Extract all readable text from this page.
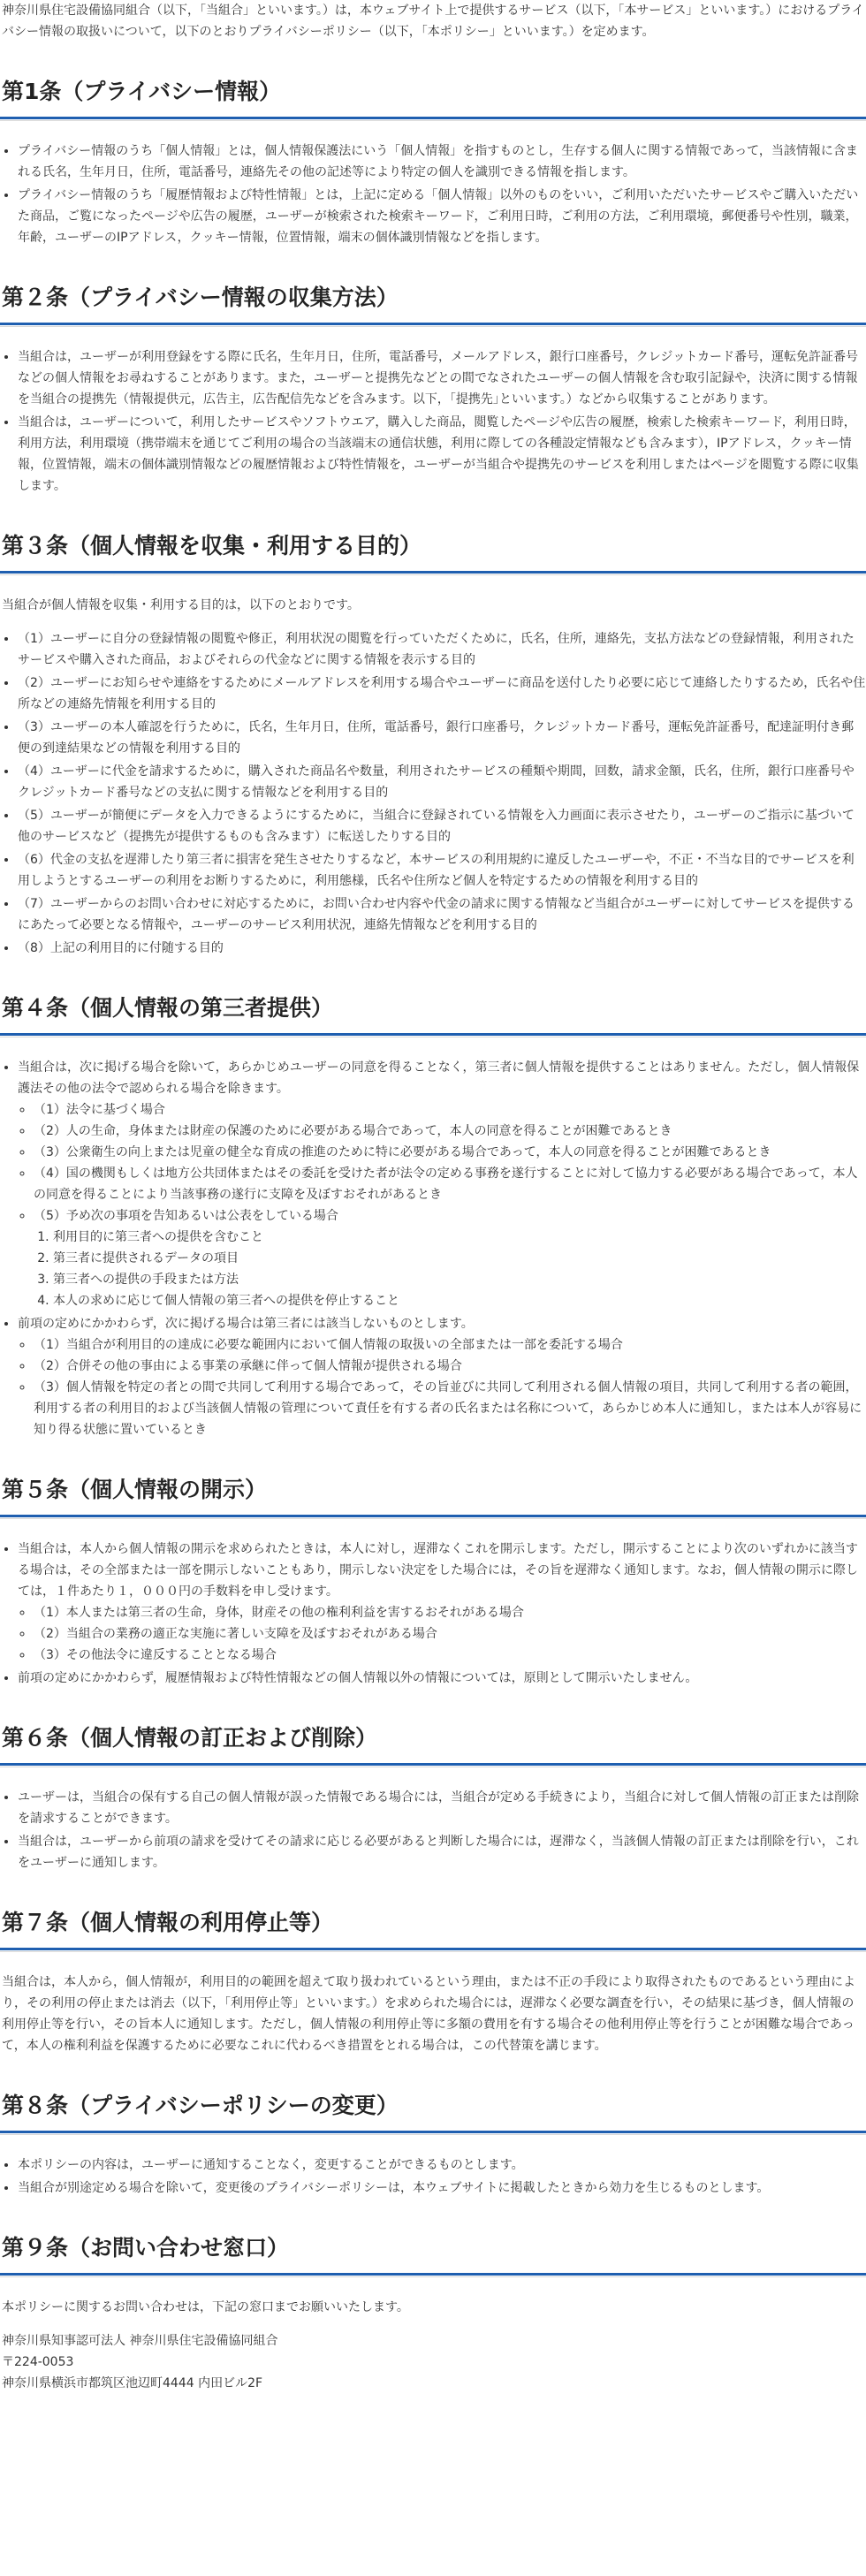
神奈川県住宅設備協同組合（以下，「当組合」といいます。）は，本ウェブサイト上で提供するサービス（以下，「本サービス」といいます。）におけるプライバシー情報の取扱いについて，以下のとおりプライバシーポリシー（以下，「本ポリシー」といいます。）を定めます。

第1条（プライバシー情報）
• プライバシー情報のうち「個人情報」とは，個人情報保護法にいう「個人情報」を指すものとし，生存する個人に関する情報であって，当該情報に含まれる氏名，生年月日，住所，電話番号，連絡先その他の記述等により特定の個人を識別できる情報を指します。
• プライバシー情報のうち「履歴情報および特性情報」とは，上記に定める「個人情報」以外のものをいい，ご利用いただいたサービスやご購入いただいた商品，ご覧になったページや広告の履歴，ユーザーが検索された検索キーワード，ご利用日時，ご利用の方法，ご利用環境，郵便番号や性別，職業，年齢，ユーザーのIPアドレス，クッキー情報，位置情報，端末の個体識別情報などを指します。
第２条（プライバシー情報の収集方法）
• 当組合は，ユーザーが利用登録をする際に氏名，生年月日，住所，電話番号，メールアドレス，銀行口座番号，クレジットカード番号，運転免許証番号などの個人情報をお尋ねすることがあります。また，ユーザーと提携先などとの間でなされたユーザーの個人情報を含む取引記録や，決済に関する情報を当組合の提携先（情報提供元，広告主，広告配信先などを含みます。以下，｢提携先｣といいます。）などから収集することがあります。
• 当組合は，ユーザーについて，利用したサービスやソフトウエア，購入した商品，閲覧したページや広告の履歴，検索した検索キーワード，利用日時，利用方法，利用環境（携帯端末を通じてご利用の場合の当該端末の通信状態，利用に際しての各種設定情報なども含みます），IPアドレス，クッキー情報，位置情報，端末の個体識別情報などの履歴情報および特性情報を，ユーザーが当組合や提携先のサービスを利用しまたはページを閲覧する際に収集します。
第３条（個人情報を収集・利用する目的）

当組合が個人情報を収集・利用する目的は，以下のとおりです。

• （1）ユーザーに自分の登録情報の閲覧や修正，利用状況の閲覧を行っていただくために，氏名，住所，連絡先，支払方法などの登録情報，利用されたサービスや購入された商品，およびそれらの代金などに関する情報を表示する目的
• （2）ユーザーにお知らせや連絡をするためにメールアドレスを利用する場合やユーザーに商品を送付したり必要に応じて連絡したりするため，氏名や住所などの連絡先情報を利用する目的
• （3）ユーザーの本人確認を行うために，氏名，生年月日，住所，電話番号，銀行口座番号，クレジットカード番号，運転免許証番号，配達証明付き郵便の到達結果などの情報を利用する目的
• （4）ユーザーに代金を請求するために，購入された商品名や数量，利用されたサービスの種類や期間，回数，請求金額，氏名，住所，銀行口座番号やクレジットカード番号などの支払に関する情報などを利用する目的
• （5）ユーザーが簡便にデータを入力できるようにするために，当組合に登録されている情報を入力画面に表示させたり，ユーザーのご指示に基づいて他のサービスなど（提携先が提供するものも含みます）に転送したりする目的
• （6）代金の支払を遅滞したり第三者に損害を発生させたりするなど，本サービスの利用規約に違反したユーザーや，不正・不当な目的でサービスを利用しようとするユーザーの利用をお断りするために，利用態様，氏名や住所など個人を特定するための情報を利用する目的
• （7）ユーザーからのお問い合わせに対応するために，お問い合わせ内容や代金の請求に関する情報など当組合がユーザーに対してサービスを提供するにあたって必要となる情報や，ユーザーのサービス利用状況，連絡先情報などを利用する目的
• （8）上記の利用目的に付随する目的
第４条（個人情報の第三者提供）
• 当組合は，次に掲げる場合を除いて，あらかじめユーザーの同意を得ることなく，第三者に個人情報を提供することはありません。ただし，個人情報保護法その他の法令で認められる場合を除きます。
◦ （1）法令に基づく場合
◦ （2）人の生命，身体または財産の保護のために必要がある場合であって，本人の同意を得ることが困難であるとき
◦ （3）公衆衛生の向上または児童の健全な育成の推進のために特に必要がある場合であって，本人の同意を得ることが困難であるとき
◦ （4）国の機関もしくは地方公共団体またはその委託を受けた者が法令の定める事務を遂行することに対して協力する必要がある場合であって，本人の同意を得ることにより当該事務の遂行に支障を及ぼすおそれがあるとき
◦ （5）予め次の事項を告知あるいは公表をしている場合
1. 利用目的に第三者への提供を含むこと
2. 第三者に提供されるデータの項目
3. 第三者への提供の手段または方法
4. 本人の求めに応じて個人情報の第三者への提供を停止すること
• 前項の定めにかかわらず，次に掲げる場合は第三者には該当しないものとします。
◦ （1）当組合が利用目的の達成に必要な範囲内において個人情報の取扱いの全部または一部を委託する場合
◦ （2）合併その他の事由による事業の承継に伴って個人情報が提供される場合
◦ （3）個人情報を特定の者との間で共同して利用する場合であって，その旨並びに共同して利用される個人情報の項目，共同して利用する者の範囲，利用する者の利用目的および当該個人情報の管理について責任を有する者の氏名または名称について，あらかじめ本人に通知し，または本人が容易に知り得る状態に置いているとき
第５条（個人情報の開示）
• 当組合は，本人から個人情報の開示を求められたときは，本人に対し，遅滞なくこれを開示します。ただし，開示することにより次のいずれかに該当する場合は，その全部または一部を開示しないこともあり，開示しない決定をした場合には，その旨を遅滞なく通知します。なお，個人情報の開示に際しては，１件あたり１，０００円の手数料を申し受けます。
◦ （1）本人または第三者の生命，身体，財産その他の権利利益を害するおそれがある場合
◦ （2）当組合の業務の適正な実施に著しい支障を及ぼすおそれがある場合
◦ （3）その他法令に違反することとなる場合
• 前項の定めにかかわらず，履歴情報および特性情報などの個人情報以外の情報については，原則として開示いたしません。
第６条（個人情報の訂正および削除）
• ユーザーは，当組合の保有する自己の個人情報が誤った情報である場合には，当組合が定める手続きにより，当組合に対して個人情報の訂正または削除を請求することができます。
• 当組合は，ユーザーから前項の請求を受けてその請求に応じる必要があると判断した場合には，遅滞なく，当該個人情報の訂正または削除を行い，これをユーザーに通知します。
第７条（個人情報の利用停止等）

当組合は，本人から，個人情報が，利用目的の範囲を超えて取り扱われているという理由，または不正の手段により取得されたものであるという理由により，その利用の停止または消去（以下，「利用停止等」といいます。）を求められた場合には，遅滞なく必要な調査を行い，その結果に基づき，個人情報の利用停止等を行い，その旨本人に通知します。ただし，個人情報の利用停止等に多額の費用を有する場合その他利用停止等を行うことが困難な場合であって，本人の権利利益を保護するために必要なこれに代わるべき措置をとれる場合は，この代替策を講じます。

第８条（プライバシーポリシーの変更）
• 本ポリシーの内容は，ユーザーに通知することなく，変更することができるものとします。
• 当組合が別途定める場合を除いて，変更後のプライバシーポリシーは，本ウェブサイトに掲載したときから効力を生じるものとします。
第９条（お問い合わせ窓口）

本ポリシーに関するお問い合わせは，下記の窓口までお願いいたします。

神奈川県知事認可法人 神奈川県住宅設備協同組合

〒224-0053

神奈川県横浜市都筑区池辺町4444 内田ビル2F
